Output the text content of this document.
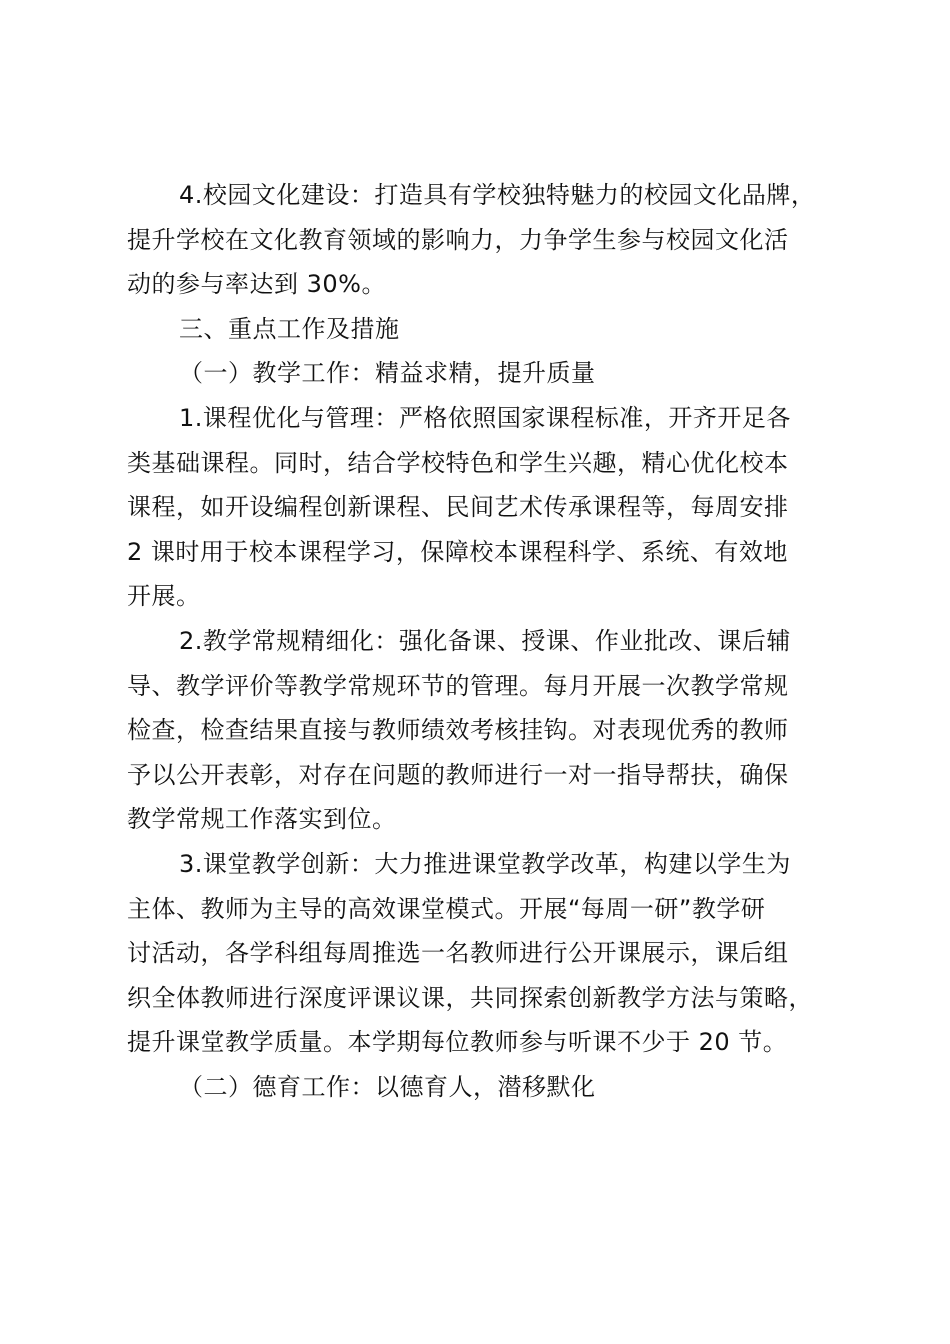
4.校园文化建设：打造具有学校独特魅力的校园文化品牌，
提升学校在文化教育领域的影响力，力争学生参与校园文化活
动的参与率达到 30%。
三、重点工作及措施
（一）教学工作：精益求精，提升质量
1.课程优化与管理：严格依照国家课程标准，开齐开足各
类基础课程。同时，结合学校特色和学生兴趣，精心优化校本
课程，如开设编程创新课程、民间艺术传承课程等，每周安排
2 课时用于校本课程学习，保障校本课程科学、系统、有效地
开展。
2.教学常规精细化：强化备课、授课、作业批改、课后辅
导、教学评价等教学常规环节的管理。每月开展一次教学常规
检查，检查结果直接与教师绩效考核挂钩。对表现优秀的教师
予以公开表彰，对存在问题的教师进行一对一指导帮扶，确保
教学常规工作落实到位。
3.课堂教学创新：大力推进课堂教学改革，构建以学生为
主体、教师为主导的高效课堂模式。开展“每周一研”教学研
讨活动，各学科组每周推选一名教师进行公开课展示，课后组
织全体教师进行深度评课议课，共同探索创新教学方法与策略，
提升课堂教学质量。本学期每位教师参与听课不少于 20 节。
（二）德育工作：以德育人，潜移默化
